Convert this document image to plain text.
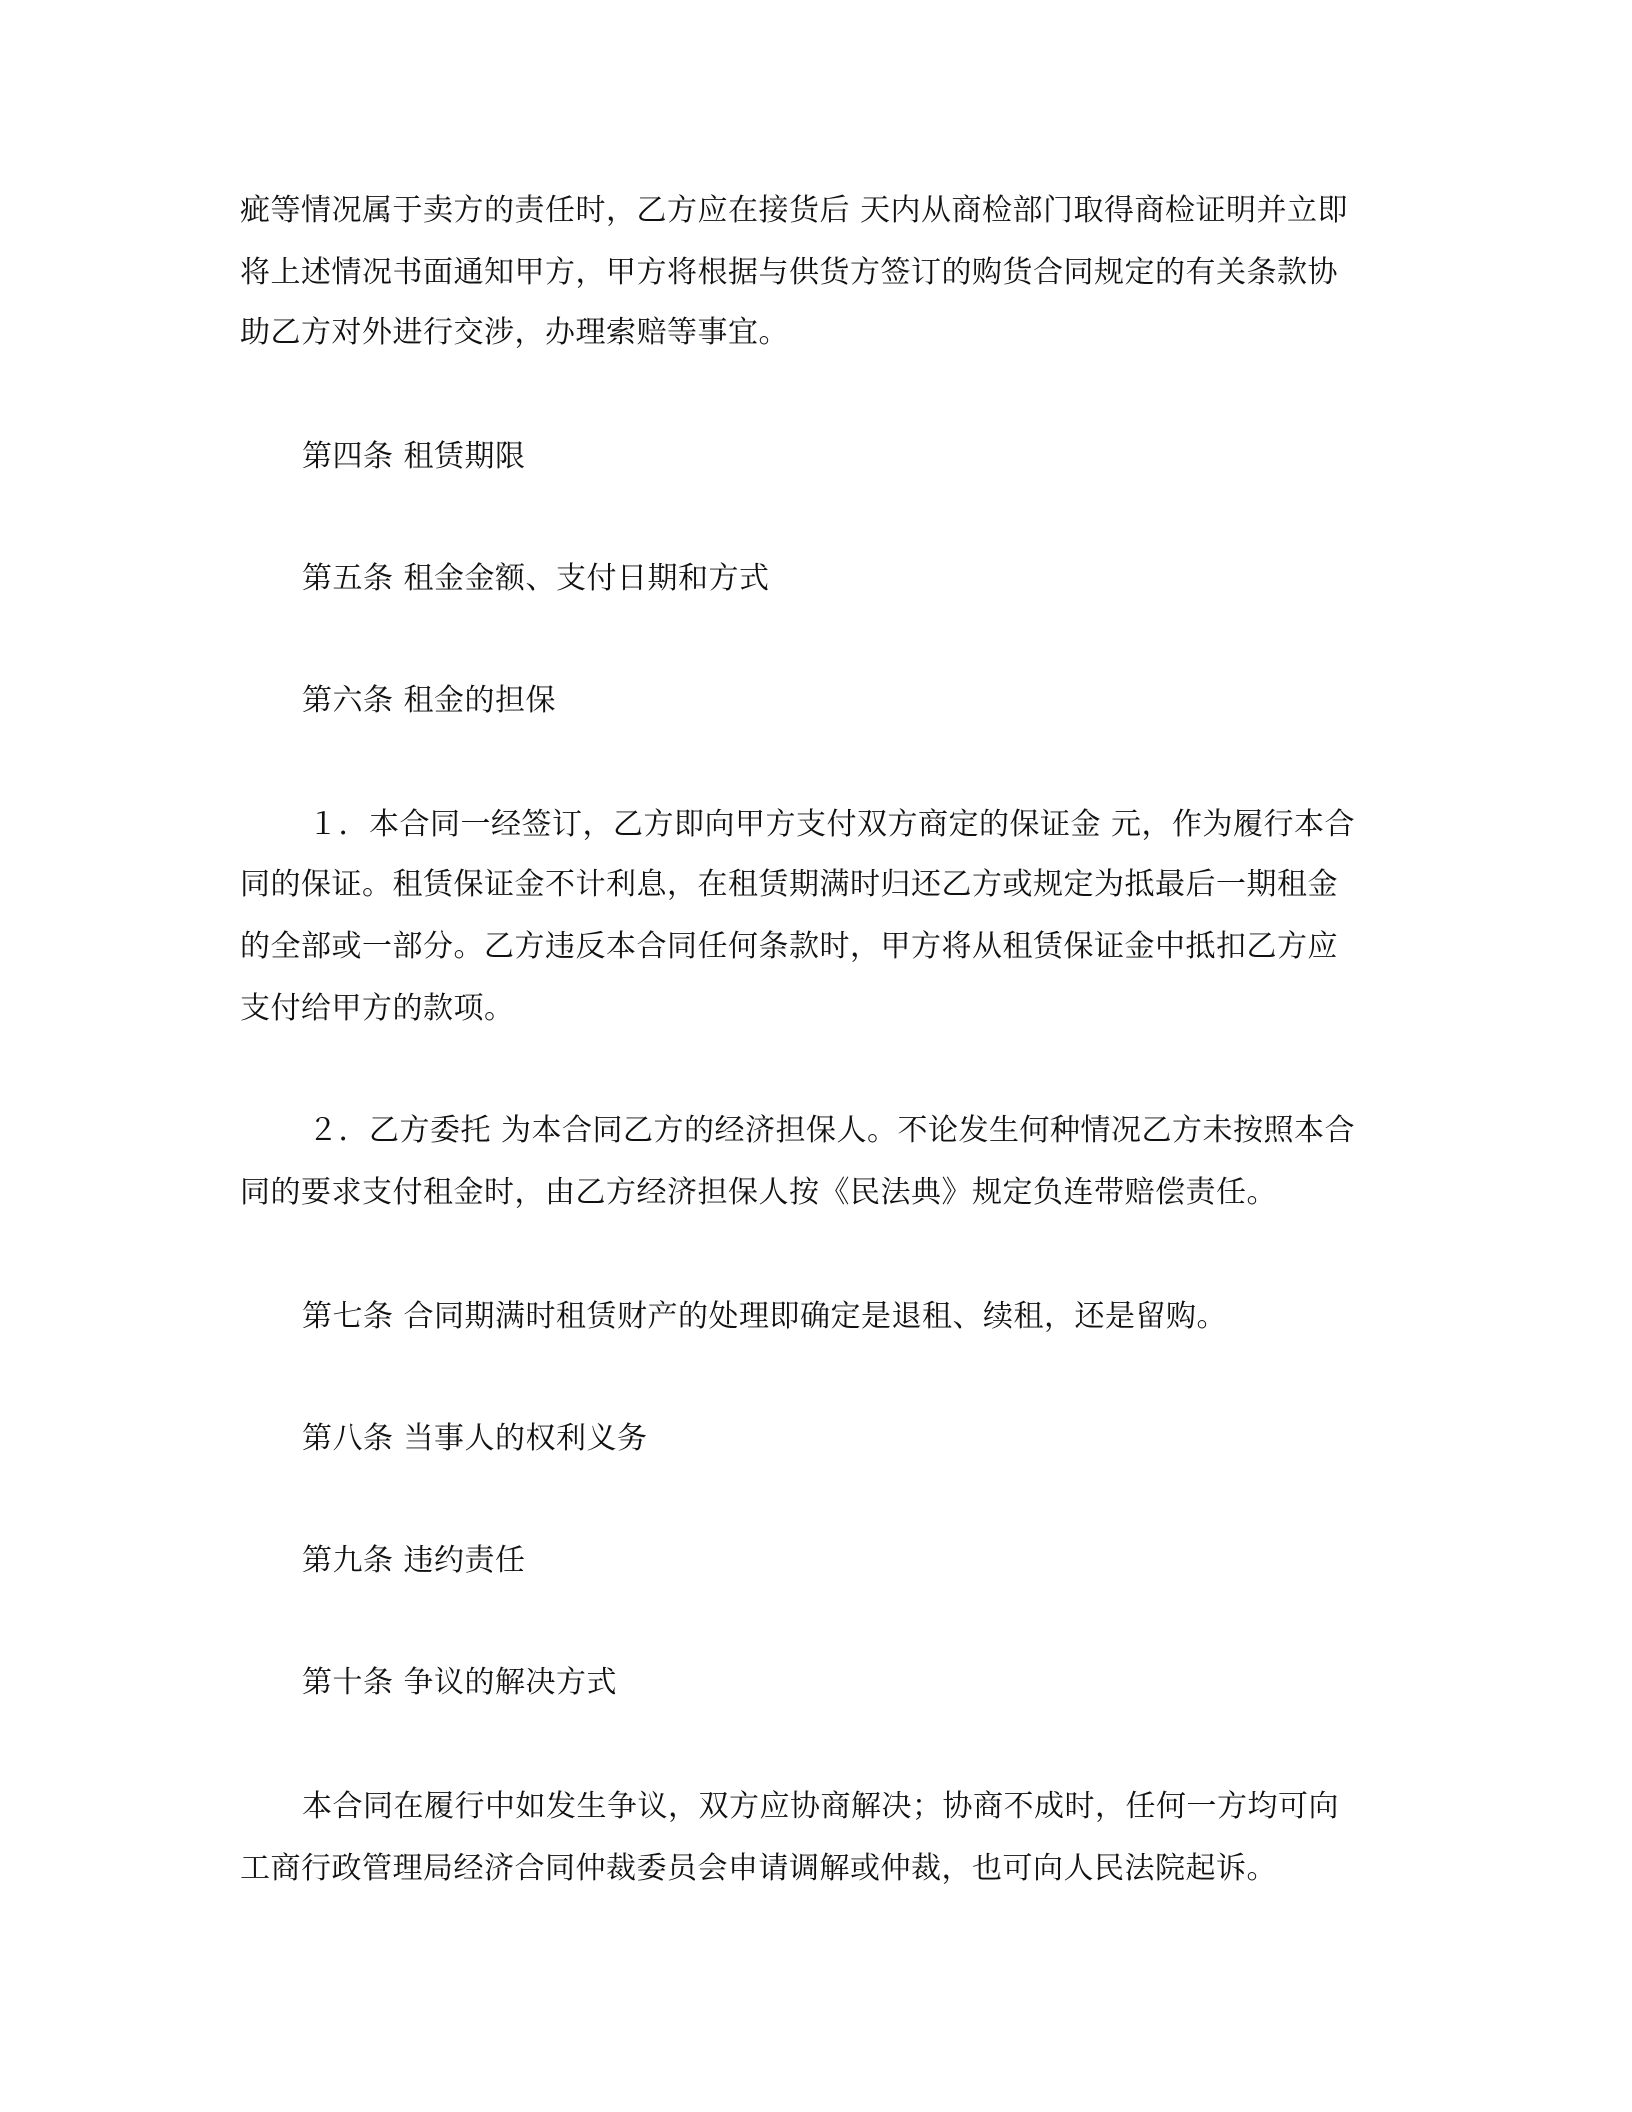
疵等情况属于卖方的责任时，乙方应在接货后 天内从商检部门取得商检证明并立即
将上述情况书面通知甲方，甲方将根据与供货方签订的购货合同规定的有关条款协
助乙方对外进行交涉，办理索赔等事宜。
第四条 租赁期限
第五条 租金金额、支付日期和方式
第六条 租金的担保
１．本合同一经签订，乙方即向甲方支付双方商定的保证金 元，作为履行本合
同的保证。租赁保证金不计利息，在租赁期满时归还乙方或规定为抵最后一期租金
的全部或一部分。乙方违反本合同任何条款时，甲方将从租赁保证金中抵扣乙方应
支付给甲方的款项。
２．乙方委托 为本合同乙方的经济担保人。不论发生何种情况乙方未按照本合
同的要求支付租金时，由乙方经济担保人按《民法典》规定负连带赔偿责任。
第七条 合同期满时租赁财产的处理即确定是退租、续租，还是留购。
第八条 当事人的权利义务
第九条 违约责任
第十条 争议的解决方式
本合同在履行中如发生争议，双方应协商解决；协商不成时，任何一方均可向
工商行政管理局经济合同仲裁委员会申请调解或仲裁，也可向人民法院起诉。
